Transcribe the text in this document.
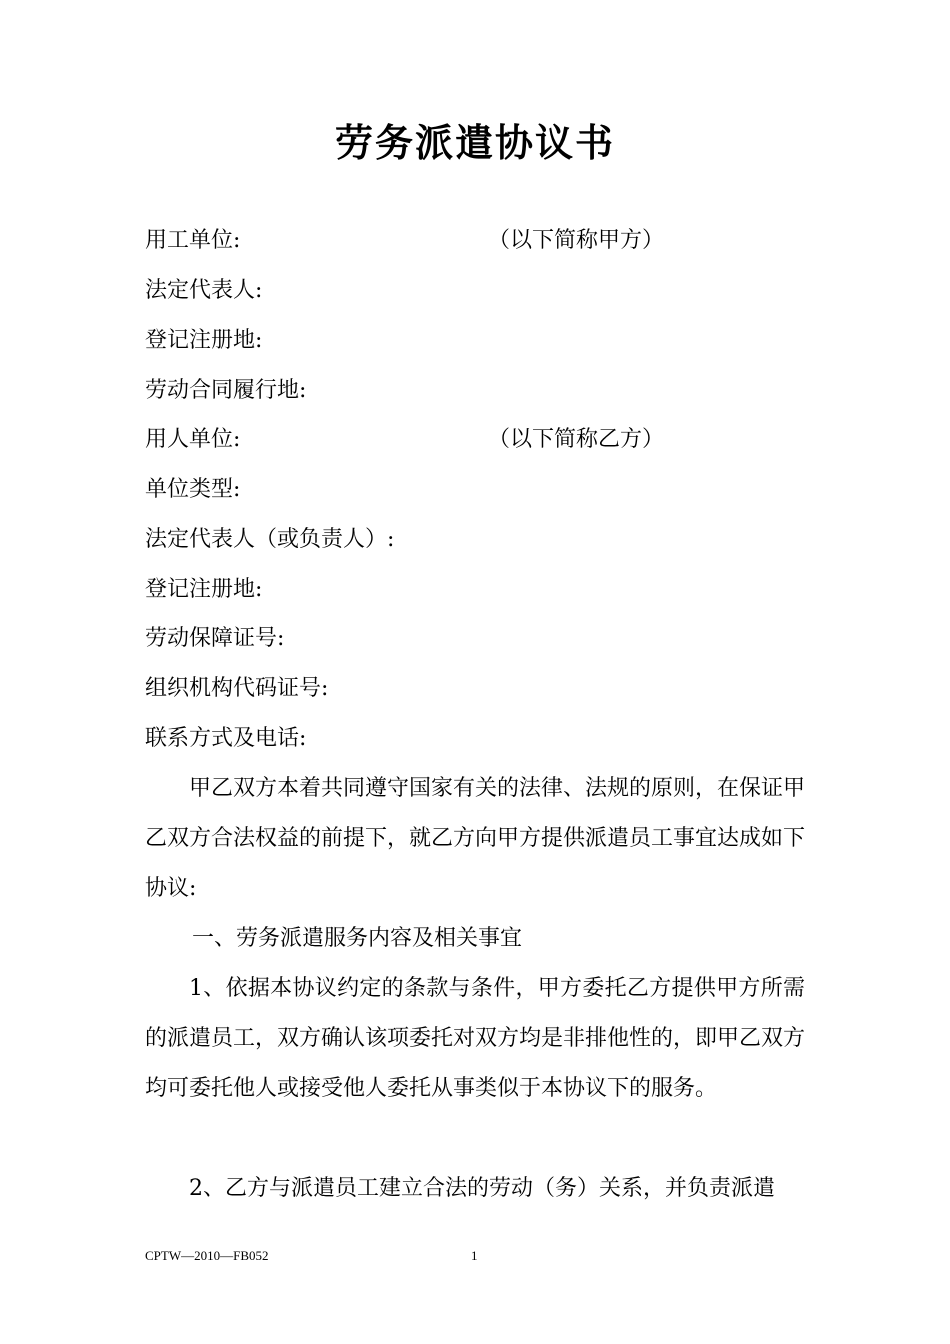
劳务派遣协议书
用工单位:	（以下简称甲方）
法定代表人:
登记注册地:
劳动合同履行地:
用人单位:	（以下简称乙方）
单位类型:
法定代表人（或负责人）:
登记注册地:
劳动保障证号:
组织机构代码证号:
联系方式及电话:

甲乙双方本着共同遵守国家有关的法律、法规的原则，在保证甲乙双方合法权益的前提下，就乙方向甲方提供派遣员工事宜达成如下协议:

一、劳务派遣服务内容及相关事宜

1、依据本协议约定的条款与条件，甲方委托乙方提供甲方所需的派遣员工，双方确认该项委托对双方均是非排他性的，即甲乙双方均可委托他人或接受他人委托从事类似于本协议下的服务。

2、乙方与派遣员工建立合法的劳动（务）关系，并负责派遣

CPTW—2010—FB052	1
